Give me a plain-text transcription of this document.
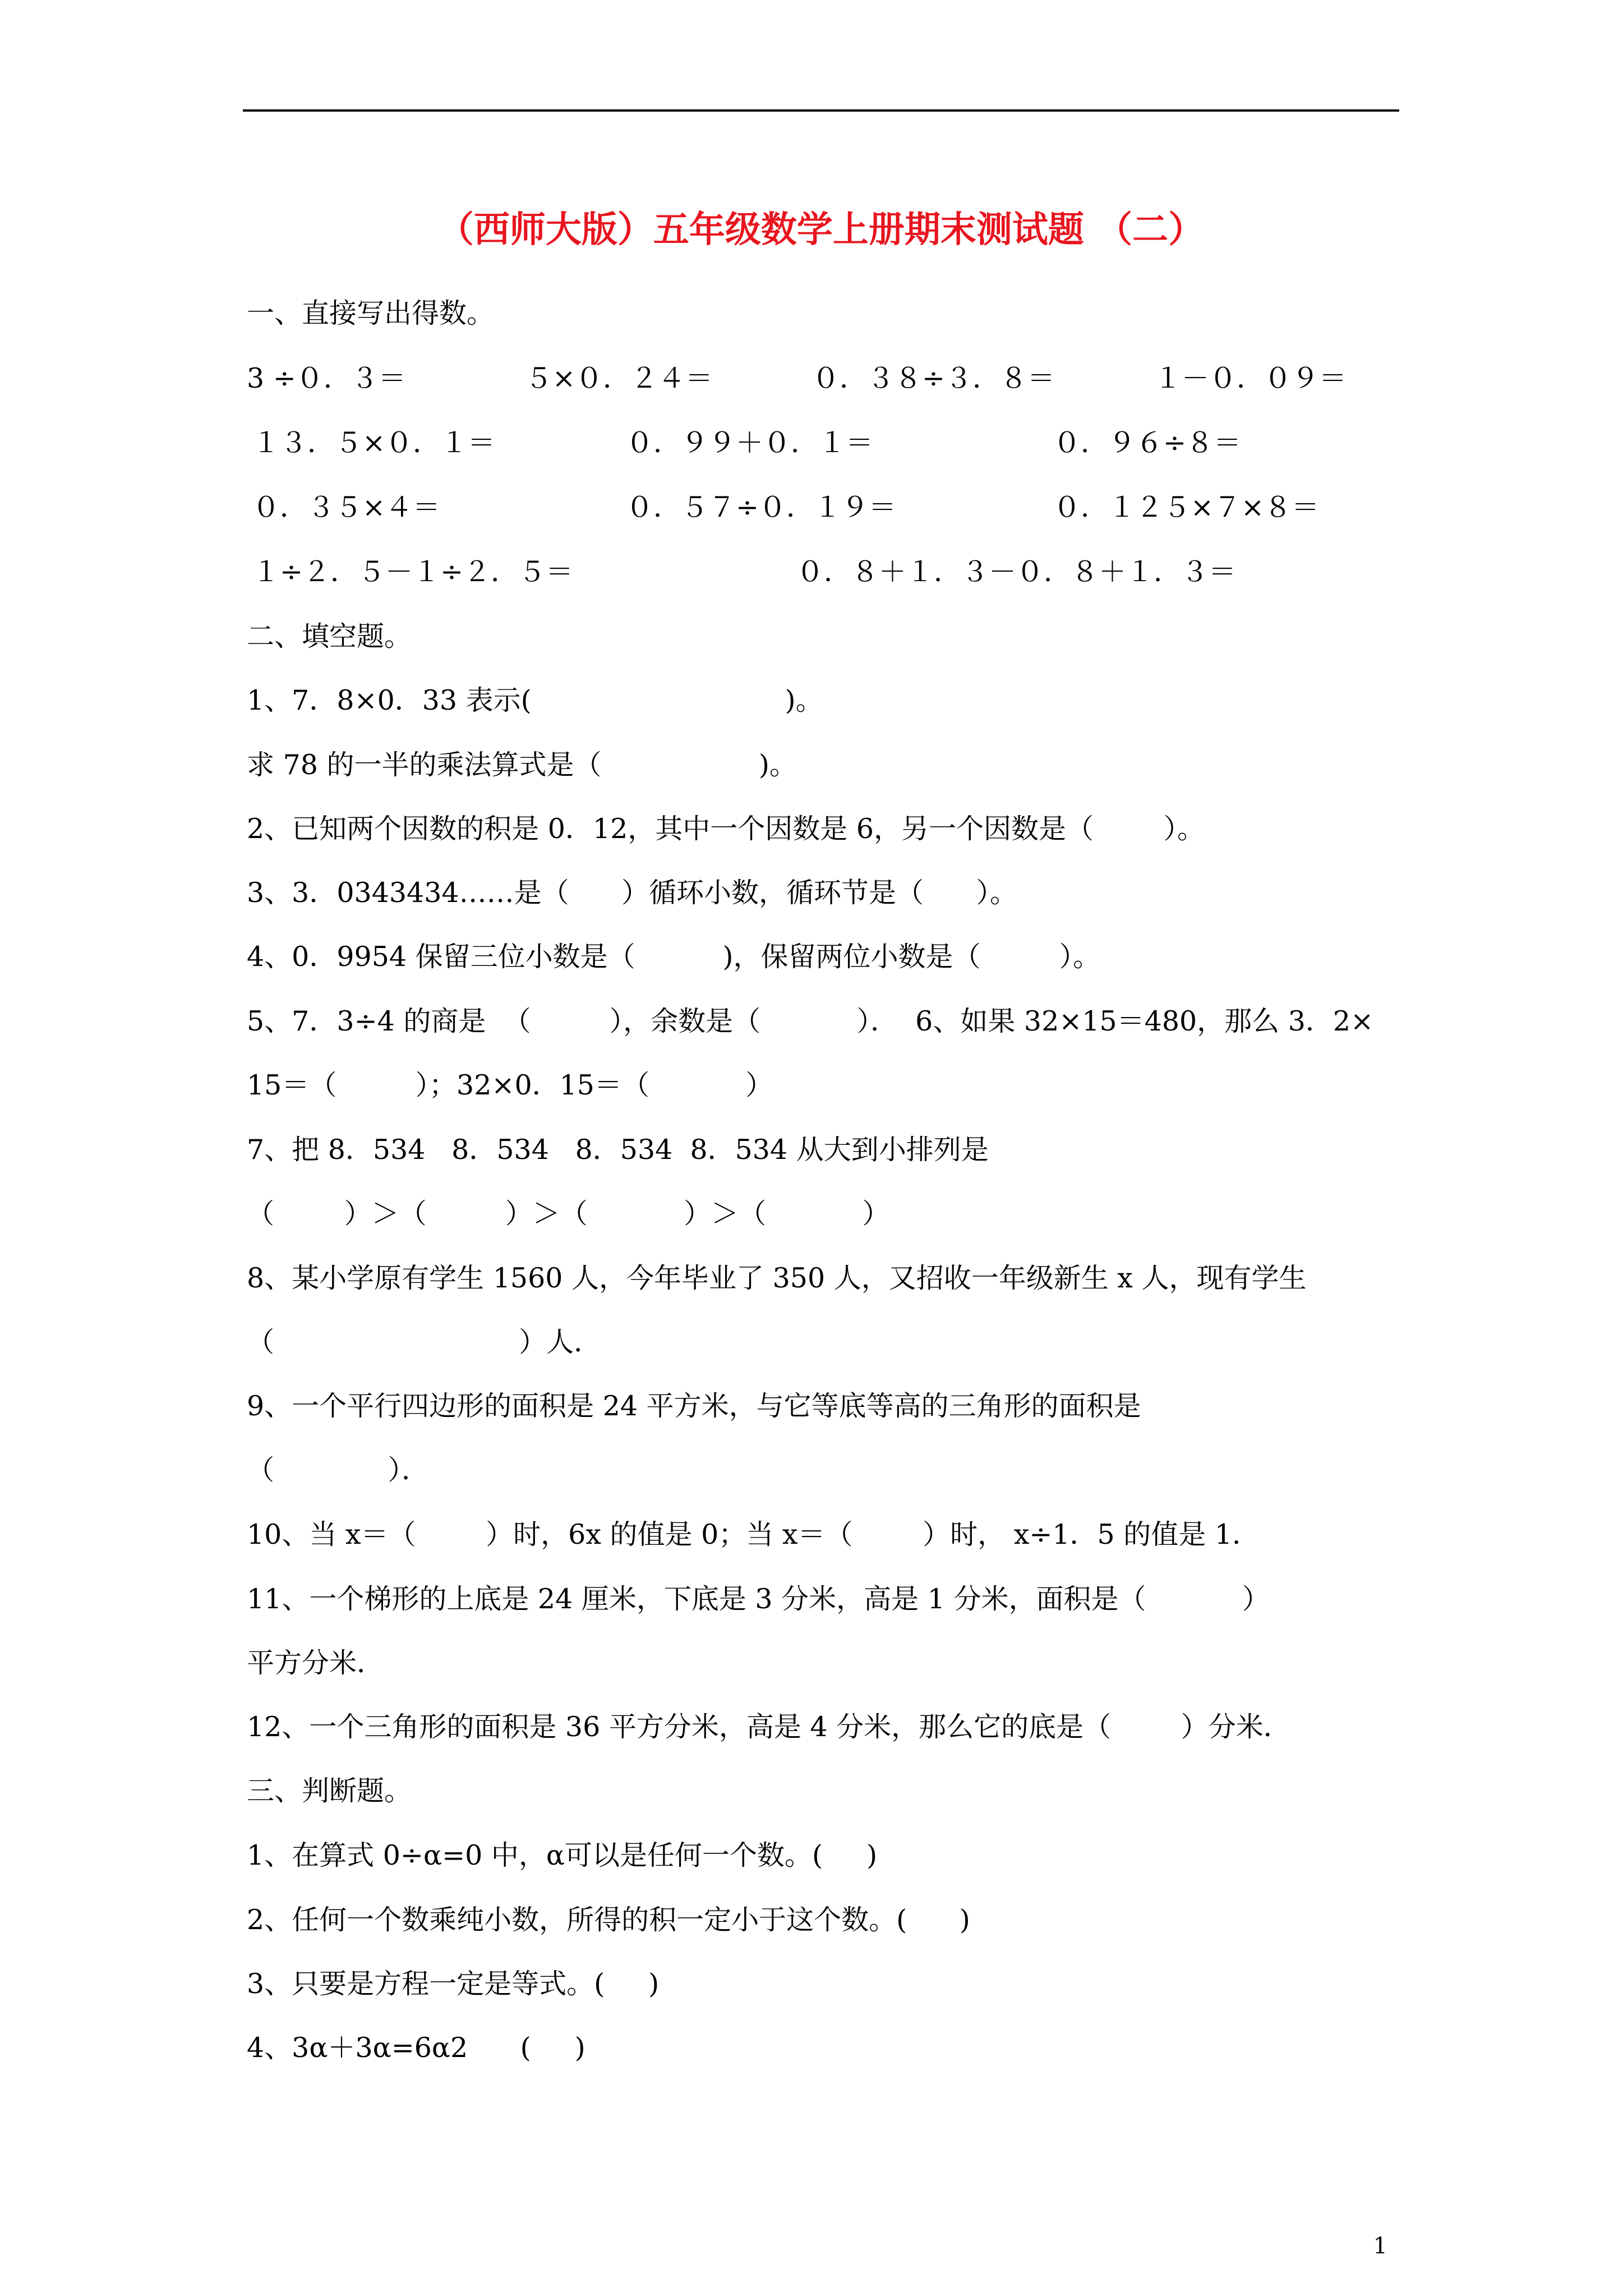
（西师大版）五年级数学上册期末测试题 （二）
一、直接写出得数。
3 ÷０．３＝	５×０．２４＝	０．３８÷３．８＝	１－０．０９＝
１３．５×０．１＝	０．９９＋０．１＝	０．９６÷８＝
０．３５×４＝	０．５７÷０．１９＝	０．１２５×７×８＝
１÷２．５－１÷２．５＝	０．８＋１．３－０．８＋１．３＝
二、填空题。
1、7．8×0．33 表示(                             )。
求 78 的一半的乘法算式是（                  )。
2、已知两个因数的积是 0．12，其中一个因数是 6，另一个因数是（        ）。
3、3．0343434……是（      ）循环小数，循环节是（      ）。
4、0．9954 保留三位小数是（          )，保留两位小数是（         ）。
5、7．3÷4 的商是  （         ），余数是（           ）．  6、如果 32×15＝480，那么 3．2×
15＝（         ）；32×0．15＝（           ）
7、把 8．534   8．534   8．534  8．534 从大到小排列是
（        ）＞（         ）＞（           ）＞（           ）
8、某小学原有学生 1560 人，今年毕业了 350 人，又招收一年级新生 x 人，现有学生
（                            ）人．
9、一个平行四边形的面积是 24 平方米，与它等底等高的三角形的面积是
（             ）．
10、当 x＝（        ）时，6x 的值是 0；当 x＝（        ）时， x÷1．5 的值是 1．
11、一个梯形的上底是 24 厘米，下底是 3 分米，高是 1 分米，面积是（           ）
平方分米．
12、一个三角形的面积是 36 平方分米，高是 4 分米，那么它的底是（        ）分米．
三、判断题。
1、在算式 0÷α=0 中，α可以是任何一个数。(     )
2、任何一个数乘纯小数，所得的积一定小于这个数。(      )
3、只要是方程一定是等式。(     )
4、3α＋3α=6α2      (     )
1
